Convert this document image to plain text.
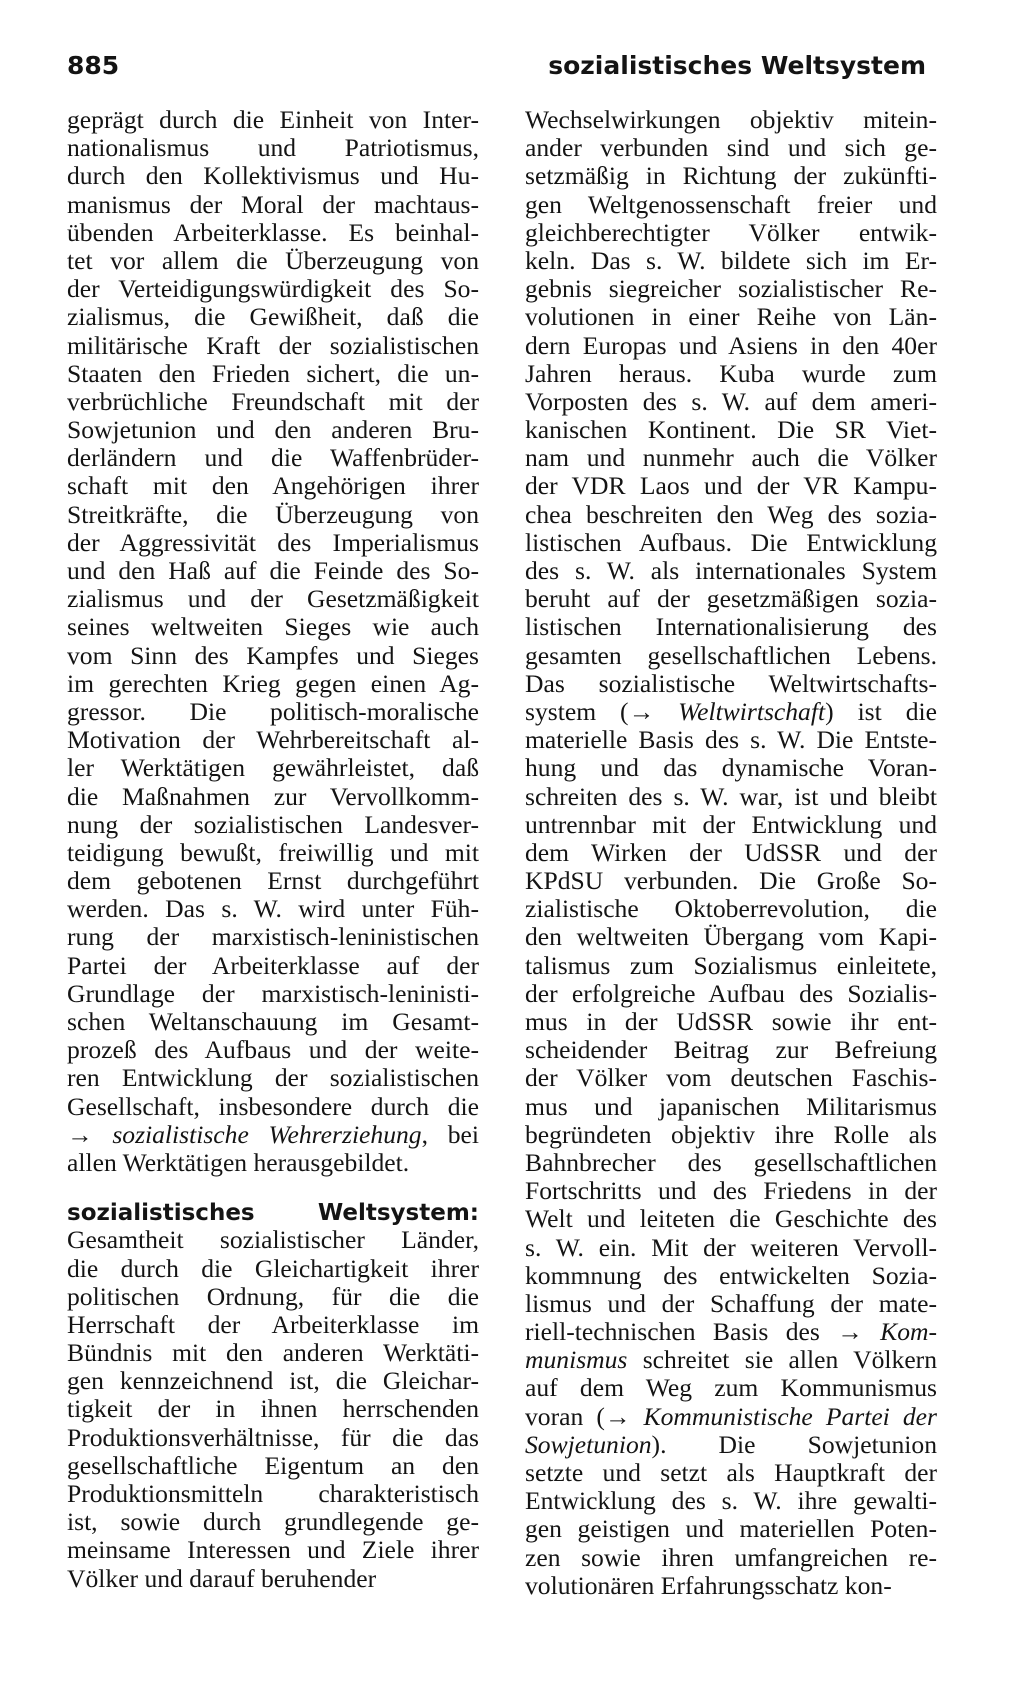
885	sozialistisches Weltsystem
geprägt durch die Einheit von Inter-
nationalismus und Patriotismus,
durch den Kollektivismus und Hu-
manismus der Moral der machtaus-
übenden Arbeiterklasse. Es beinhal-
tet vor allem die Überzeugung von
der Verteidigungswürdigkeit des So-
zialismus, die Gewißheit, daß die
militärische Kraft der sozialistischen
Staaten den Frieden sichert, die un-
verbrüchliche Freundschaft mit der
Sowjetunion und den anderen Bru-
derländern und die Waffenbrüder-
schaft mit den Angehörigen ihrer
Streitkräfte, die Überzeugung von
der Aggressivität des Imperialismus
und den Haß auf die Feinde des So-
zialismus und der Gesetzmäßigkeit
seines weltweiten Sieges wie auch
vom Sinn des Kampfes und Sieges
im gerechten Krieg gegen einen Ag-
gressor. Die politisch-moralische
Motivation der Wehrbereitschaft al-
ler Werktätigen gewährleistet, daß
die Maßnahmen zur Vervollkomm-
nung der sozialistischen Landesver-
teidigung bewußt, freiwillig und mit
dem gebotenen Ernst durchgeführt
werden. Das s. W. wird unter Füh-
rung der marxistisch-leninistischen
Partei der Arbeiterklasse auf der
Grundlage der marxistisch-leninisti-
schen Weltanschauung im Gesamt-
prozeß des Aufbaus und der weite-
ren Entwicklung der sozialistischen
Gesellschaft, insbesondere durch die
→ sozialistische Wehrerziehung, bei
allen Werktätigen herausgebildet.
sozialistisches Weltsystem:
Gesamtheit sozialistischer Länder,
die durch die Gleichartigkeit ihrer
politischen Ordnung, für die die
Herrschaft der Arbeiterklasse im
Bündnis mit den anderen Werktäti-
gen kennzeichnend ist, die Gleichar-
tigkeit der in ihnen herrschenden
Produktionsverhältnisse, für die das
gesellschaftliche Eigentum an den
Produktionsmitteln charakteristisch
ist, sowie durch grundlegende ge-
meinsame Interessen und Ziele ihrer
Völker und darauf beruhender
Wechselwirkungen objektiv mitein-
ander verbunden sind und sich ge-
setzmäßig in Richtung der zukünfti-
gen Weltgenossenschaft freier und
gleichberechtigter Völker entwik-
keln. Das s. W. bildete sich im Er-
gebnis siegreicher sozialistischer Re-
volutionen in einer Reihe von Län-
dern Europas und Asiens in den 40er
Jahren heraus. Kuba wurde zum
Vorposten des s. W. auf dem ameri-
kanischen Kontinent. Die SR Viet-
nam und nunmehr auch die Völker
der VDR Laos und der VR Kampu-
chea beschreiten den Weg des sozia-
listischen Aufbaus. Die Entwicklung
des s. W. als internationales System
beruht auf der gesetzmäßigen sozia-
listischen Internationalisierung des
gesamten gesellschaftlichen Lebens.
Das sozialistische Weltwirtschafts-
system (→ Weltwirtschaft) ist die
materielle Basis des s. W. Die Entste-
hung und das dynamische Voran-
schreiten des s. W. war, ist und bleibt
untrennbar mit der Entwicklung und
dem Wirken der UdSSR und der
KPdSU verbunden. Die Große So-
zialistische Oktoberrevolution, die
den weltweiten Übergang vom Kapi-
talismus zum Sozialismus einleitete,
der erfolgreiche Aufbau des Sozialis-
mus in der UdSSR sowie ihr ent-
scheidender Beitrag zur Befreiung
der Völker vom deutschen Faschis-
mus und japanischen Militarismus
begründeten objektiv ihre Rolle als
Bahnbrecher des gesellschaftlichen
Fortschritts und des Friedens in der
Welt und leiteten die Geschichte des
s. W. ein. Mit der weiteren Vervoll-
kommnung des entwickelten Sozia-
lismus und der Schaffung der mate-
riell-technischen Basis des → Kom-
munismus schreitet sie allen Völkern
auf dem Weg zum Kommunismus
voran (→ Kommunistische Partei der
Sowjetunion). Die Sowjetunion
setzte und setzt als Hauptkraft der
Entwicklung des s. W. ihre gewalti-
gen geistigen und materiellen Poten-
zen sowie ihren umfangreichen re-
volutionären Erfahrungsschatz kon-
